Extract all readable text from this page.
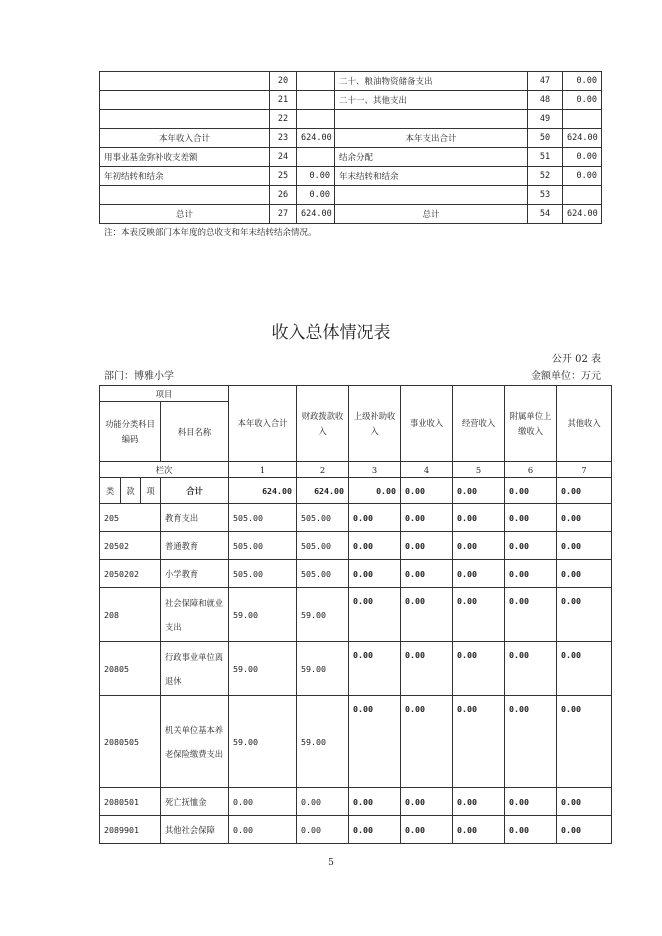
	20		二十、粮油物资储备支出	47	0.00
	21		二十一、其他支出	48	0.00
	22			49	
本年收入合计	23	624.00	本年支出合计	50	624.00
用事业基金弥补收支差额	24		结余分配	51	0.00
年初结转和结余	25	0.00	年末结转和结余	52	0.00
	26	0.00		53	
总计	27	624.00	总计	54	624.00
注：本表反映部门本年度的总收支和年末结转结余情况。
收入总体情况表
公开 02 表
部门：博雅小学	金额单位：万元
项目				本年收入合计	财政拨款收入	上级补助收入	事业收入	经营收入	附属单位上缴收入	其他收入
功能分类科目编码			科目名称							
栏次				1	2	3	4	5	6	7
类	款	项	合计	624.00	624.00	0.00	0.00	0.00	0.00	0.00
205			教育支出	505.00	505.00	0.00	0.00	0.00	0.00	0.00
20502			普通教育	505.00	505.00	0.00	0.00	0.00	0.00	0.00
2050202			小学教育	505.00	505.00	0.00	0.00	0.00	0.00	0.00
208			社会保障和就业支出	59.00	59.00	0.00	0.00	0.00	0.00	0.00
20805			行政事业单位离退休	59.00	59.00	0.00	0.00	0.00	0.00	0.00
2080505			机关单位基本养老保险缴费支出	59.00	59.00	0.00	0.00	0.00	0.00	0.00
2080501			死亡抚恤金	0.00	0.00	0.00	0.00	0.00	0.00	0.00
2089901			其他社会保障	0.00	0.00	0.00	0.00	0.00	0.00	0.00
5
